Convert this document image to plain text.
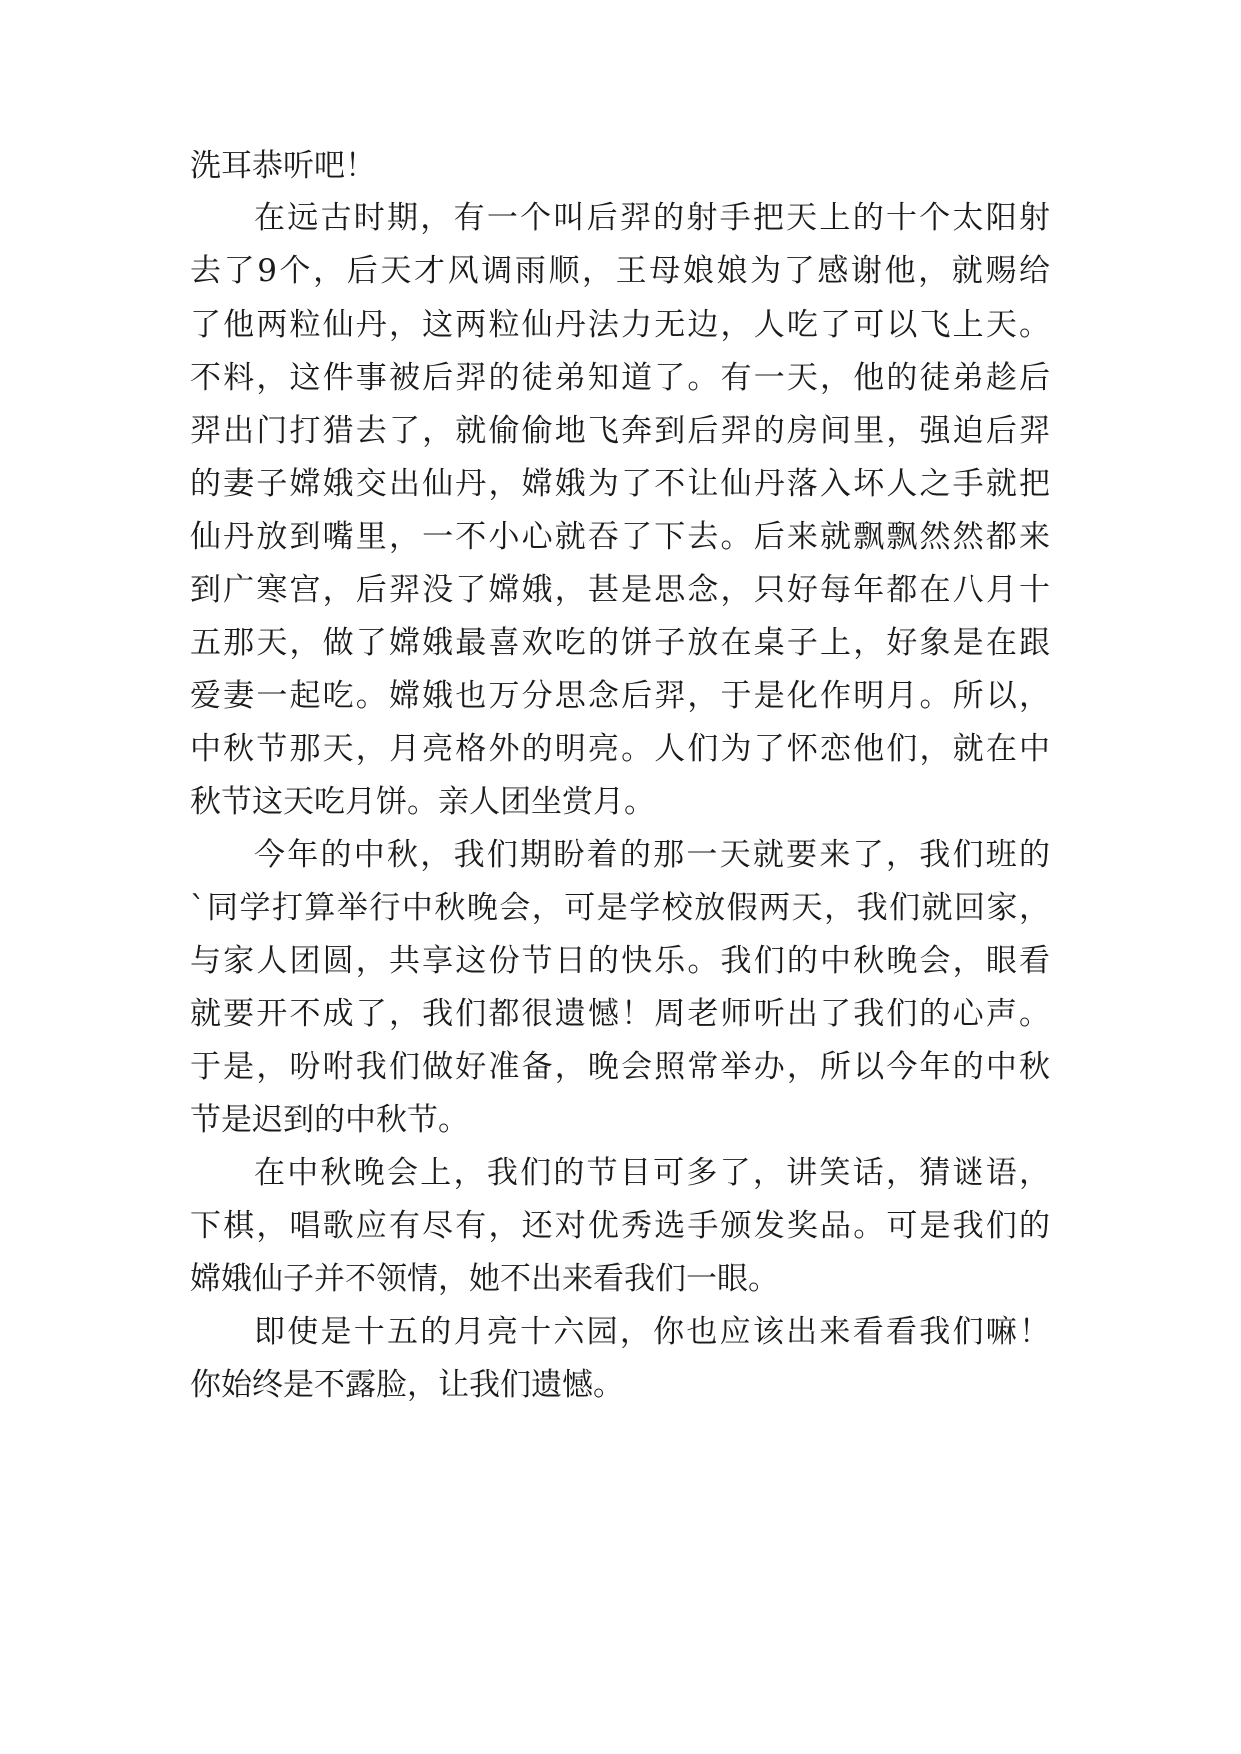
洗耳恭听吧！
在远古时期，有一个叫后羿的射手把天上的十个太阳射
去了9个，后天才风调雨顺，王母娘娘为了感谢他，就赐给
了他两粒仙丹，这两粒仙丹法力无边，人吃了可以飞上天。
不料，这件事被后羿的徒弟知道了。有一天，他的徒弟趁后
羿出门打猎去了，就偷偷地飞奔到后羿的房间里，强迫后羿
的妻子嫦娥交出仙丹，嫦娥为了不让仙丹落入坏人之手就把
仙丹放到嘴里，一不小心就吞了下去。后来就飘飘然然都来
到广寒宫，后羿没了嫦娥，甚是思念，只好每年都在八月十
五那天，做了嫦娥最喜欢吃的饼子放在桌子上，好象是在跟
爱妻一起吃。嫦娥也万分思念后羿，于是化作明月。所以，
中秋节那天，月亮格外的明亮。人们为了怀恋他们，就在中
秋节这天吃月饼。亲人团坐赏月。
今年的中秋，我们期盼着的那一天就要来了，我们班的
`同学打算举行中秋晚会，可是学校放假两天，我们就回家，
与家人团圆，共享这份节日的快乐。我们的中秋晚会，眼看
就要开不成了，我们都很遗憾！周老师听出了我们的心声。
于是，吩咐我们做好准备，晚会照常举办，所以今年的中秋
节是迟到的中秋节。
在中秋晚会上，我们的节目可多了，讲笑话，猜谜语，
下棋，唱歌应有尽有，还对优秀选手颁发奖品。可是我们的
嫦娥仙子并不领情，她不出来看我们一眼。
即使是十五的月亮十六园，你也应该出来看看我们嘛！
你始终是不露脸，让我们遗憾。
